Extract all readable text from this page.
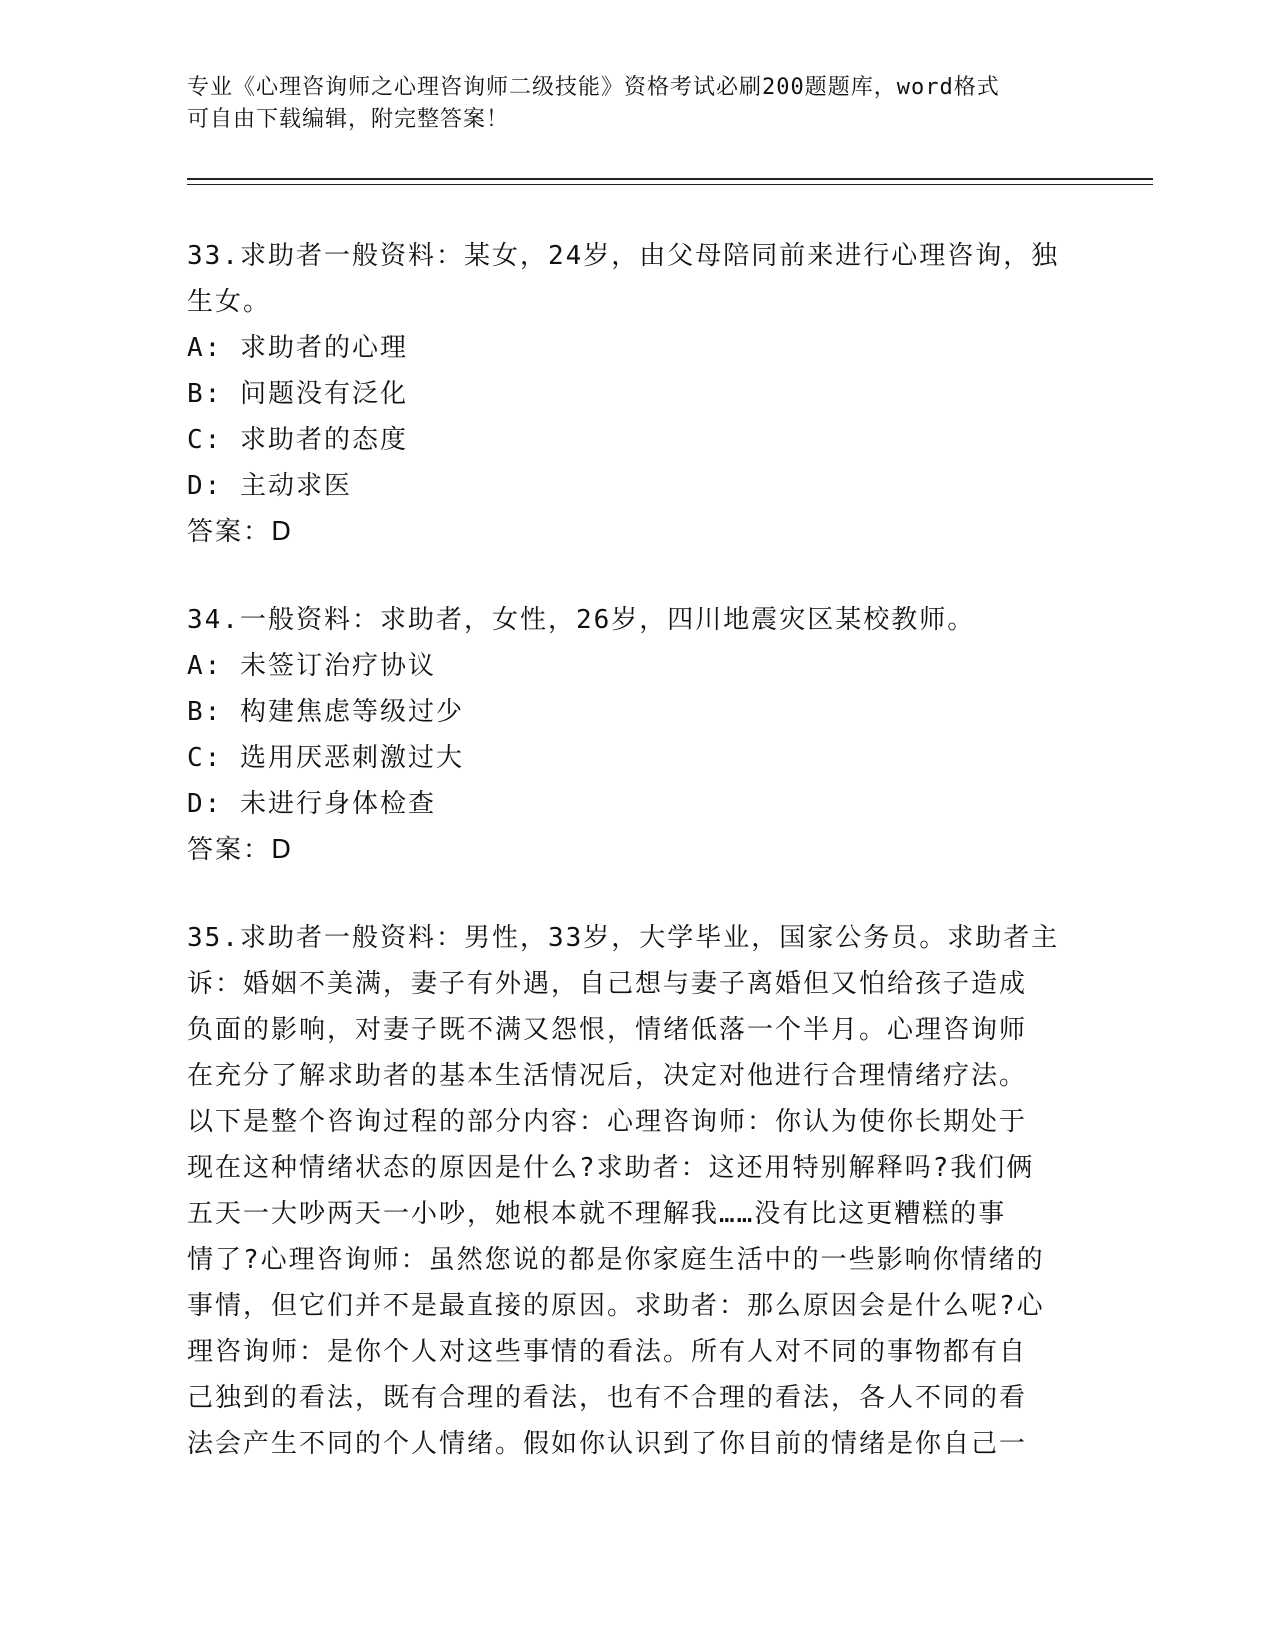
专业《心理咨询师之心理咨询师二级技能》资格考试必刷200题题库，word格式
可自由下载编辑，附完整答案！
33.求助者一般资料：某女，24岁，由父母陪同前来进行心理咨询，独
生女。
A: 求助者的心理
B: 问题没有泛化
C: 求助者的态度
D: 主动求医
答案：D
34.一般资料：求助者，女性，26岁，四川地震灾区某校教师。
A: 未签订治疗协议
B: 构建焦虑等级过少
C: 选用厌恶刺激过大
D: 未进行身体检查
答案：D
35.求助者一般资料：男性，33岁，大学毕业，国家公务员。求助者主
诉：婚姻不美满，妻子有外遇，自己想与妻子离婚但又怕给孩子造成
负面的影响，对妻子既不满又怨恨，情绪低落一个半月。心理咨询师
在充分了解求助者的基本生活情况后，决定对他进行合理情绪疗法。
以下是整个咨询过程的部分内容：心理咨询师：你认为使你长期处于
现在这种情绪状态的原因是什么?求助者：这还用特别解释吗?我们俩
五天一大吵两天一小吵，她根本就不理解我……没有比这更糟糕的事
情了?心理咨询师：虽然您说的都是你家庭生活中的一些影响你情绪的
事情，但它们并不是最直接的原因。求助者：那么原因会是什么呢?心
理咨询师：是你个人对这些事情的看法。所有人对不同的事物都有自
己独到的看法，既有合理的看法，也有不合理的看法，各人不同的看
法会产生不同的个人情绪。假如你认识到了你目前的情绪是你自己一
